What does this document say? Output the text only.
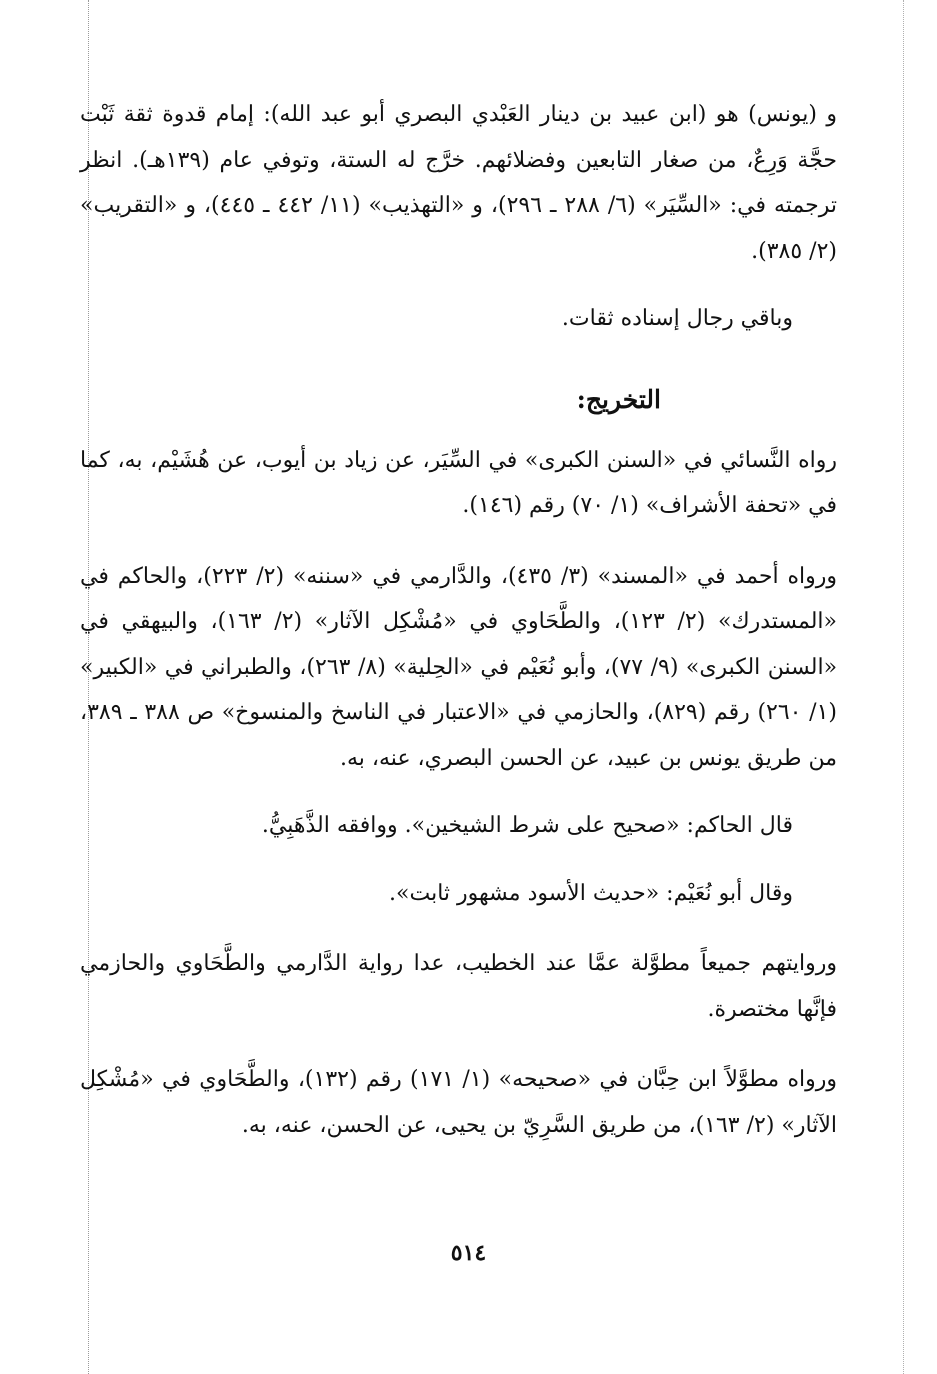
و (يونس) هو (ابن عبيد بن دينار العَبْدي البصري أبو عبد الله): إمام قدوة ثقة ثَبْت حجَّة وَرِعٌ، من صغار التابعين وفضلائهم. خرَّج له الستة، وتوفي عام (١٣٩هـ). انظر ترجمته في: «السِّيَر» (٦/ ٢٨٨ ـ ٢٩٦)، و «التهذيب» (١١/ ٤٤٢ ـ ٤٤٥)، و «التقريب» (٢/ ٣٨٥).

وباقي رجال إسناده ثقات.

التخريج:

رواه النَّسائي في «السنن الكبرى» في السِّيَر، عن زياد بن أيوب، عن هُشَيْم، به، كما في «تحفة الأشراف» (١/ ٧٠) رقم (١٤٦).

ورواه أحمد في «المسند» (٣/ ٤٣٥)، والدَّارمي في «سننه» (٢/ ٢٢٣)، والحاكم في «المستدرك» (٢/ ١٢٣)، والطَّحَاوي في «مُشْكِل الآثار» (٢/ ١٦٣)، والبيهقي في «السنن الكبرى» (٩/ ٧٧)، وأبو نُعَيْم في «الحِلية» (٨/ ٢٦٣)، والطبراني في «الكبير» (١/ ٢٦٠) رقم (٨٢٩)، والحازمي في «الاعتبار في الناسخ والمنسوخ» ص ٣٨٨ ـ ٣٨٩، من طريق يونس بن عبيد، عن الحسن البصري، عنه، به.

قال الحاكم: «صحيح على شرط الشيخين». ووافقه الذَّهَبِيُّ.

وقال أبو نُعَيْم: «حديث الأسود مشهور ثابت».

وروايتهم جميعاً مطوَّلة عمَّا عند الخطيب، عدا رواية الدَّارمي والطَّحَاوي والحازمي فإنَّها مختصرة.

ورواه مطوَّلاً ابن حِبَّان في «صحيحه» (١/ ١٧١) رقم (١٣٢)، والطَّحَاوي في «مُشْكِل الآثار» (٢/ ١٦٣)، من طريق السَّرِيّ بن يحيى، عن الحسن، عنه، به.

٥١٤
